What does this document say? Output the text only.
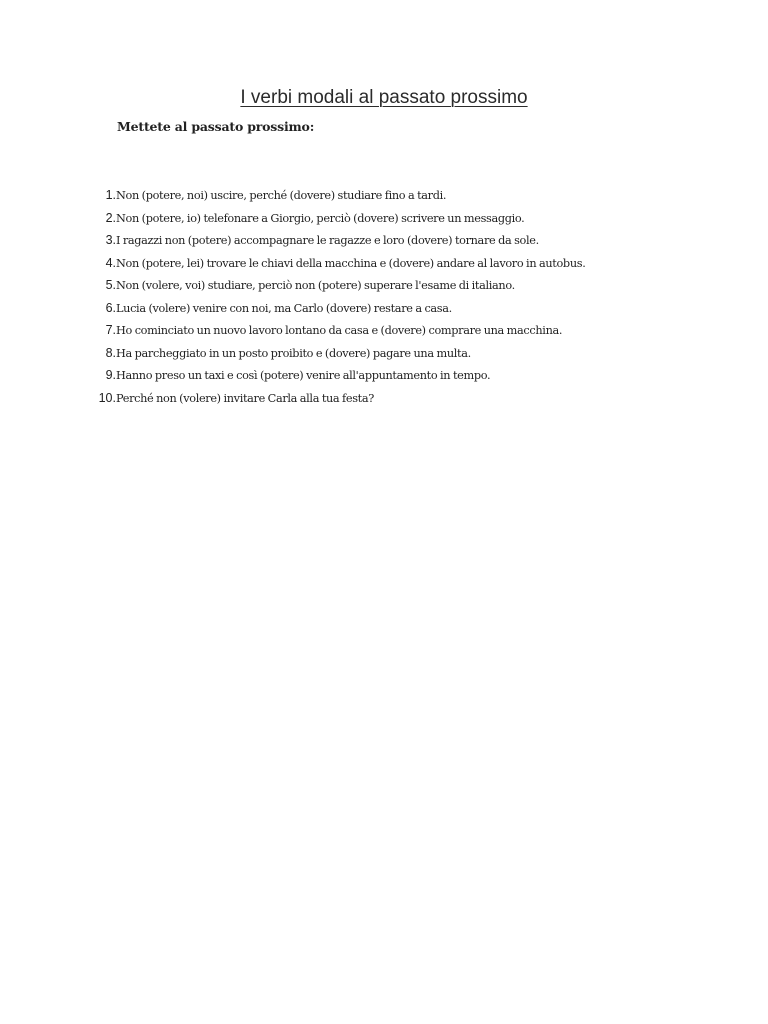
I verbi modali al passato prossimo

Mettete al passato prossimo:

1. Non (potere, noi) uscire, perché (dovere) studiare fino a tardi.
2. Non (potere, io) telefonare a Giorgio, perciò (dovere) scrivere un messaggio.
3. I ragazzi non (potere) accompagnare le ragazze e loro (dovere) tornare da sole.
4. Non (potere, lei) trovare le chiavi della macchina e (dovere) andare al lavoro in autobus.
5. Non (volere, voi) studiare, perciò non (potere) superare l'esame di italiano.
6. Lucia (volere) venire con noi, ma Carlo (dovere) restare a casa.
7. Ho cominciato un nuovo lavoro lontano da casa e (dovere) comprare una macchina.
8. Ha parcheggiato in un posto proibito e (dovere) pagare una multa.
9. Hanno preso un taxi e così (potere) venire all'appuntamento in tempo.
10. Perché non (volere) invitare Carla alla tua festa?
